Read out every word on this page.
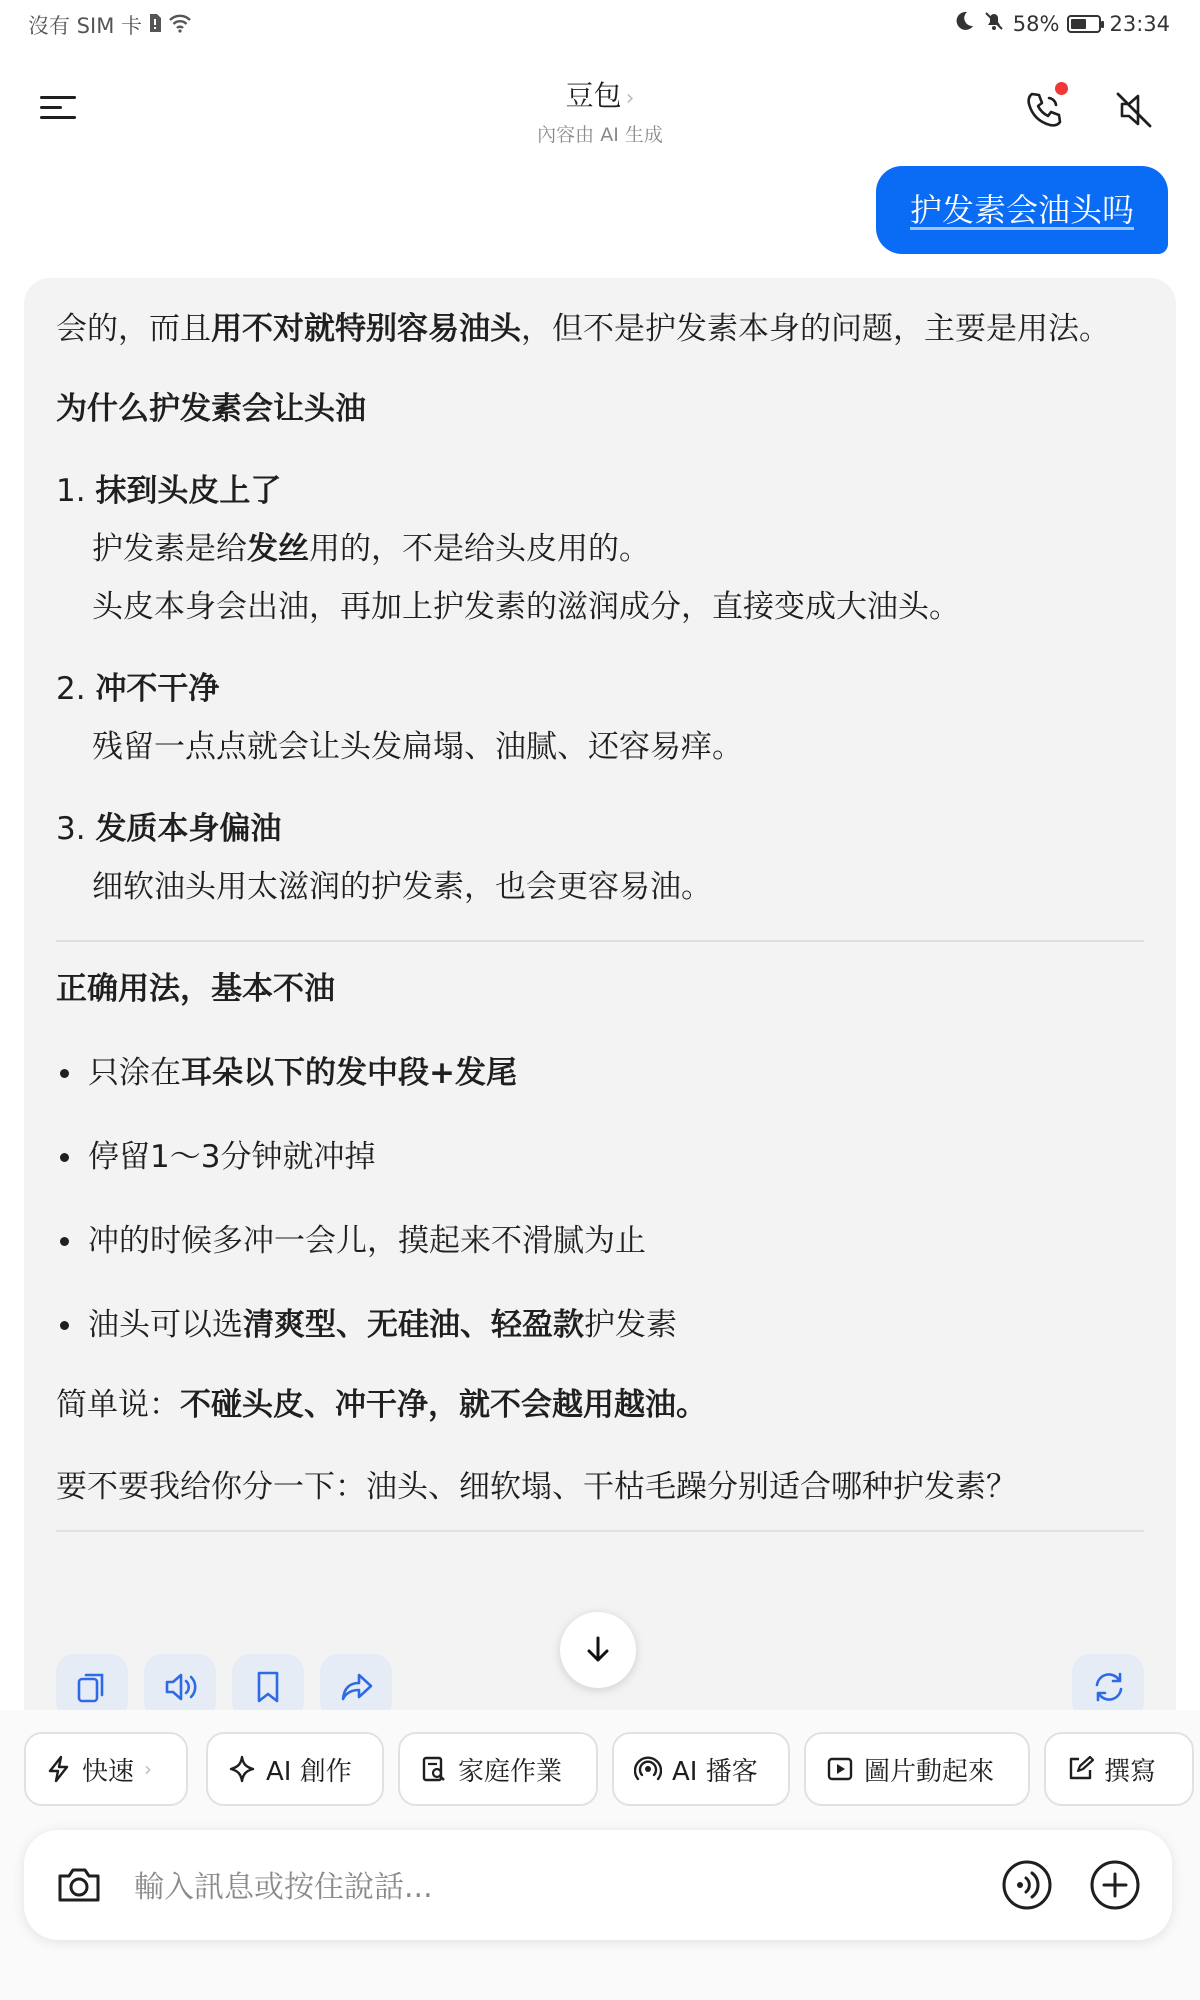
沒有 SIM 卡	58% 23:34
豆包 ›
內容由 AI 生成
护发素会油头吗

会的，而且用不对就特别容易油头，但不是护发素本身的问题，主要是用法。

为什么护发素会让头油
1. 抹到头皮上了
护发素是给发丝用的，不是给头皮用的。
头皮本身会出油，再加上护发素的滋润成分，直接变成大油头。
2. 冲不干净
残留一点点就会让头发扁塌、油腻、还容易痒。
3. 发质本身偏油
细软油头用太滋润的护发素，也会更容易油。
正确用法，基本不油
只涂在耳朵以下的发中段+发尾
停留1～3分钟就冲掉
冲的时候多冲一会儿，摸起来不滑腻为止
油头可以选清爽型、无硅油、轻盈款护发素

简单说：不碰头皮、冲干净，就不会越用越油。

要不要我给你分一下：油头、细软塌、干枯毛躁分别适合哪种护发素？

快速 ›	AI 創作	家庭作業	AI 播客	圖片動起來	撰寫
輸入訊息或按住說話...
